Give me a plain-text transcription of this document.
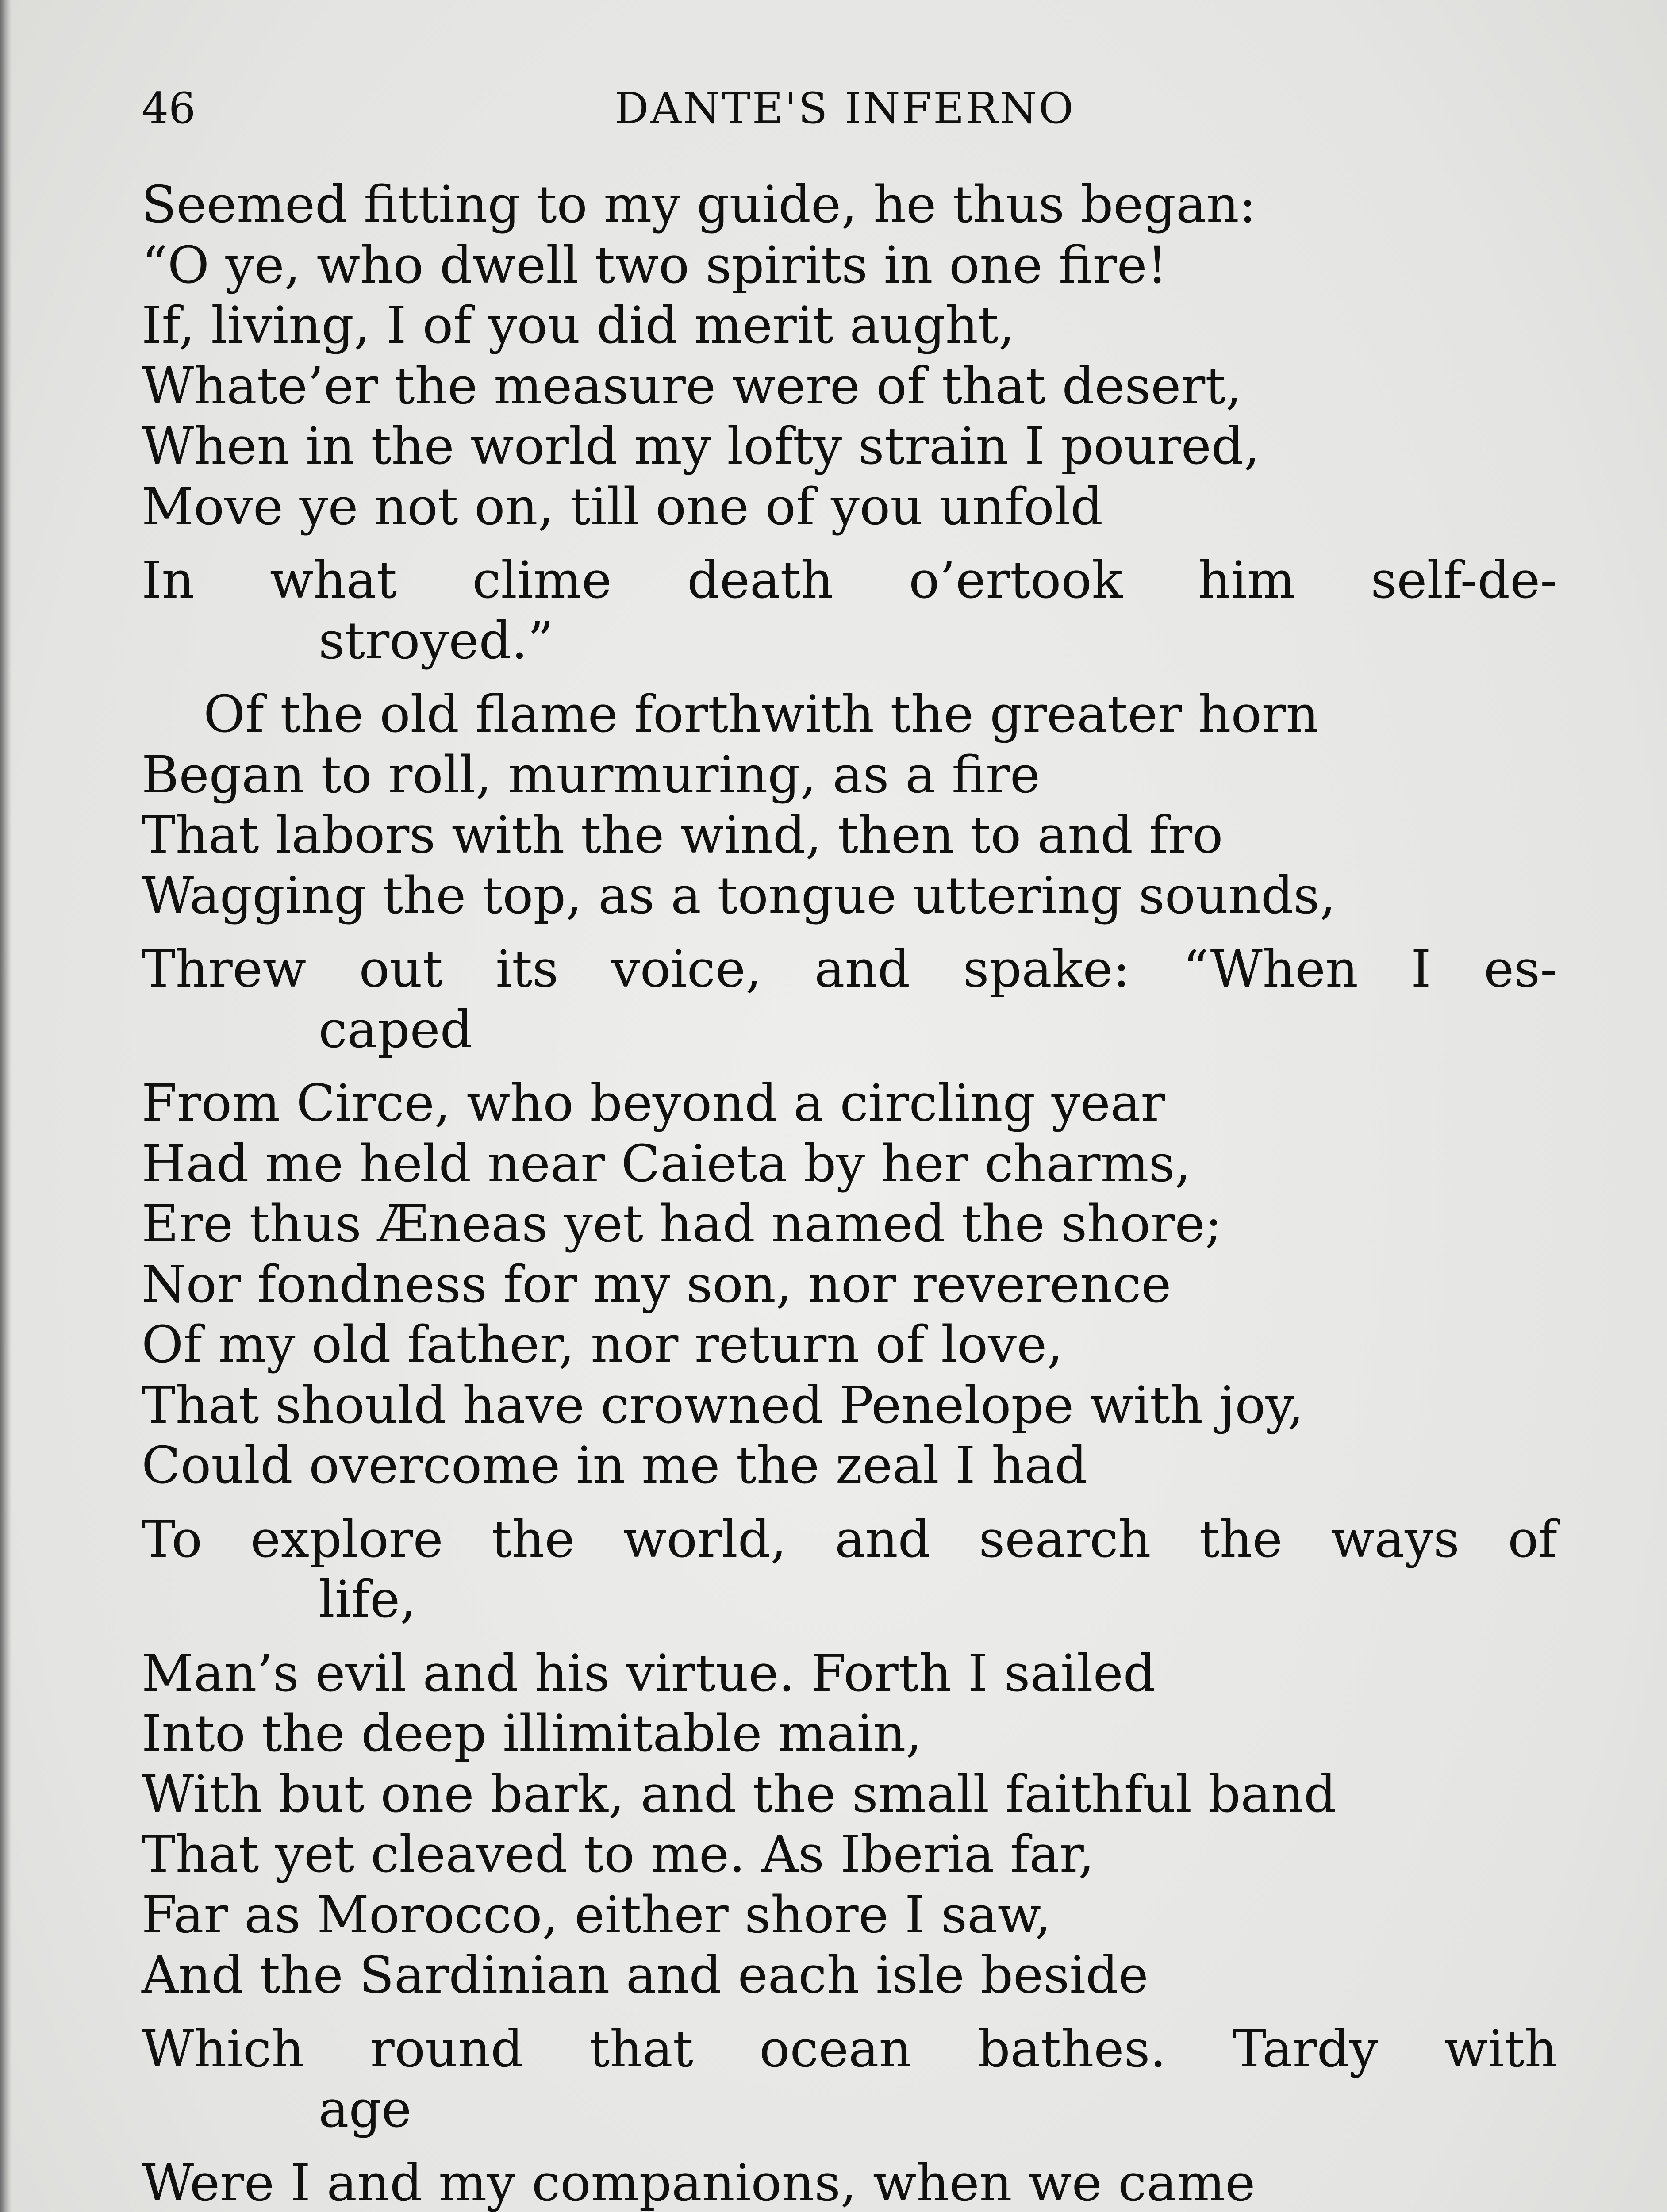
46	DANTE'S INFERNO
Seemed fitting to my guide, he thus began:
“O ye, who dwell two spirits in one fire!
If, living, I of you did merit aught,
Whate’er the measure were of that desert,
When in the world my lofty strain I poured,
Move ye not on, till one of you unfold
In what clime death o’ertook him self-de-
stroyed.”
Of the old flame forthwith the greater horn
Began to roll, murmuring, as a fire
That labors with the wind, then to and fro
Wagging the top, as a tongue uttering sounds,
Threw out its voice, and spake: “When I es-
caped
From Circe, who beyond a circling year
Had me held near Caieta by her charms,
Ere thus Æneas yet had named the shore;
Nor fondness for my son, nor reverence
Of my old father, nor return of love,
That should have crowned Penelope with joy,
Could overcome in me the zeal I had
To explore the world, and search the ways of
life,
Man’s evil and his virtue. Forth I sailed
Into the deep illimitable main,
With but one bark, and the small faithful band
That yet cleaved to me. As Iberia far,
Far as Morocco, either shore I saw,
And the Sardinian and each isle beside
Which round that ocean bathes. Tardy with
age
Were I and my companions, when we came
